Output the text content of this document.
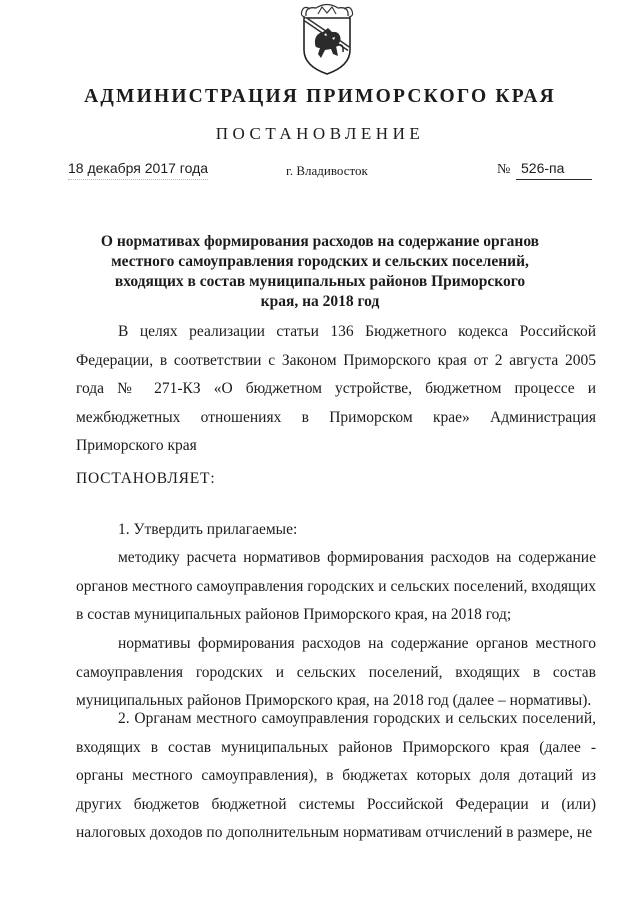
АДМИНИСТРАЦИЯ ПРИМОРСКОГО КРАЯ
ПОСТАНОВЛЕНИЕ
18 декабря 2017 года	г. Владивосток	№ 526-па
О нормативах формирования расходов на содержание органов местного самоуправления городских и сельских поселений, входящих в состав муниципальных районов Приморского края, на 2018 год

В целях реализации статьи 136 Бюджетного кодекса Российской Федерации, в соответствии с Законом Приморского края от 2 августа 2005 года № 271-КЗ «О бюджетном устройстве, бюджетном процессе и межбюджетных отношениях в Приморском крае» Администрация Приморского края

ПОСТАНОВЛЯЕТ:

1. Утвердить прилагаемые:

методику расчета нормативов формирования расходов на содержание органов местного самоуправления городских и сельских поселений, входящих в состав муниципальных районов Приморского края, на 2018 год;

нормативы формирования расходов на содержание органов местного самоуправления городских и сельских поселений, входящих в состав муниципальных районов Приморского края, на 2018 год (далее – нормативы).

2. Органам местного самоуправления городских и сельских поселений, входящих в состав муниципальных районов Приморского края (далее - органы местного самоуправления), в бюджетах которых доля дотаций из других бюджетов бюджетной системы Российской Федерации и (или) налоговых доходов по дополнительным нормативам отчислений в размере, не
